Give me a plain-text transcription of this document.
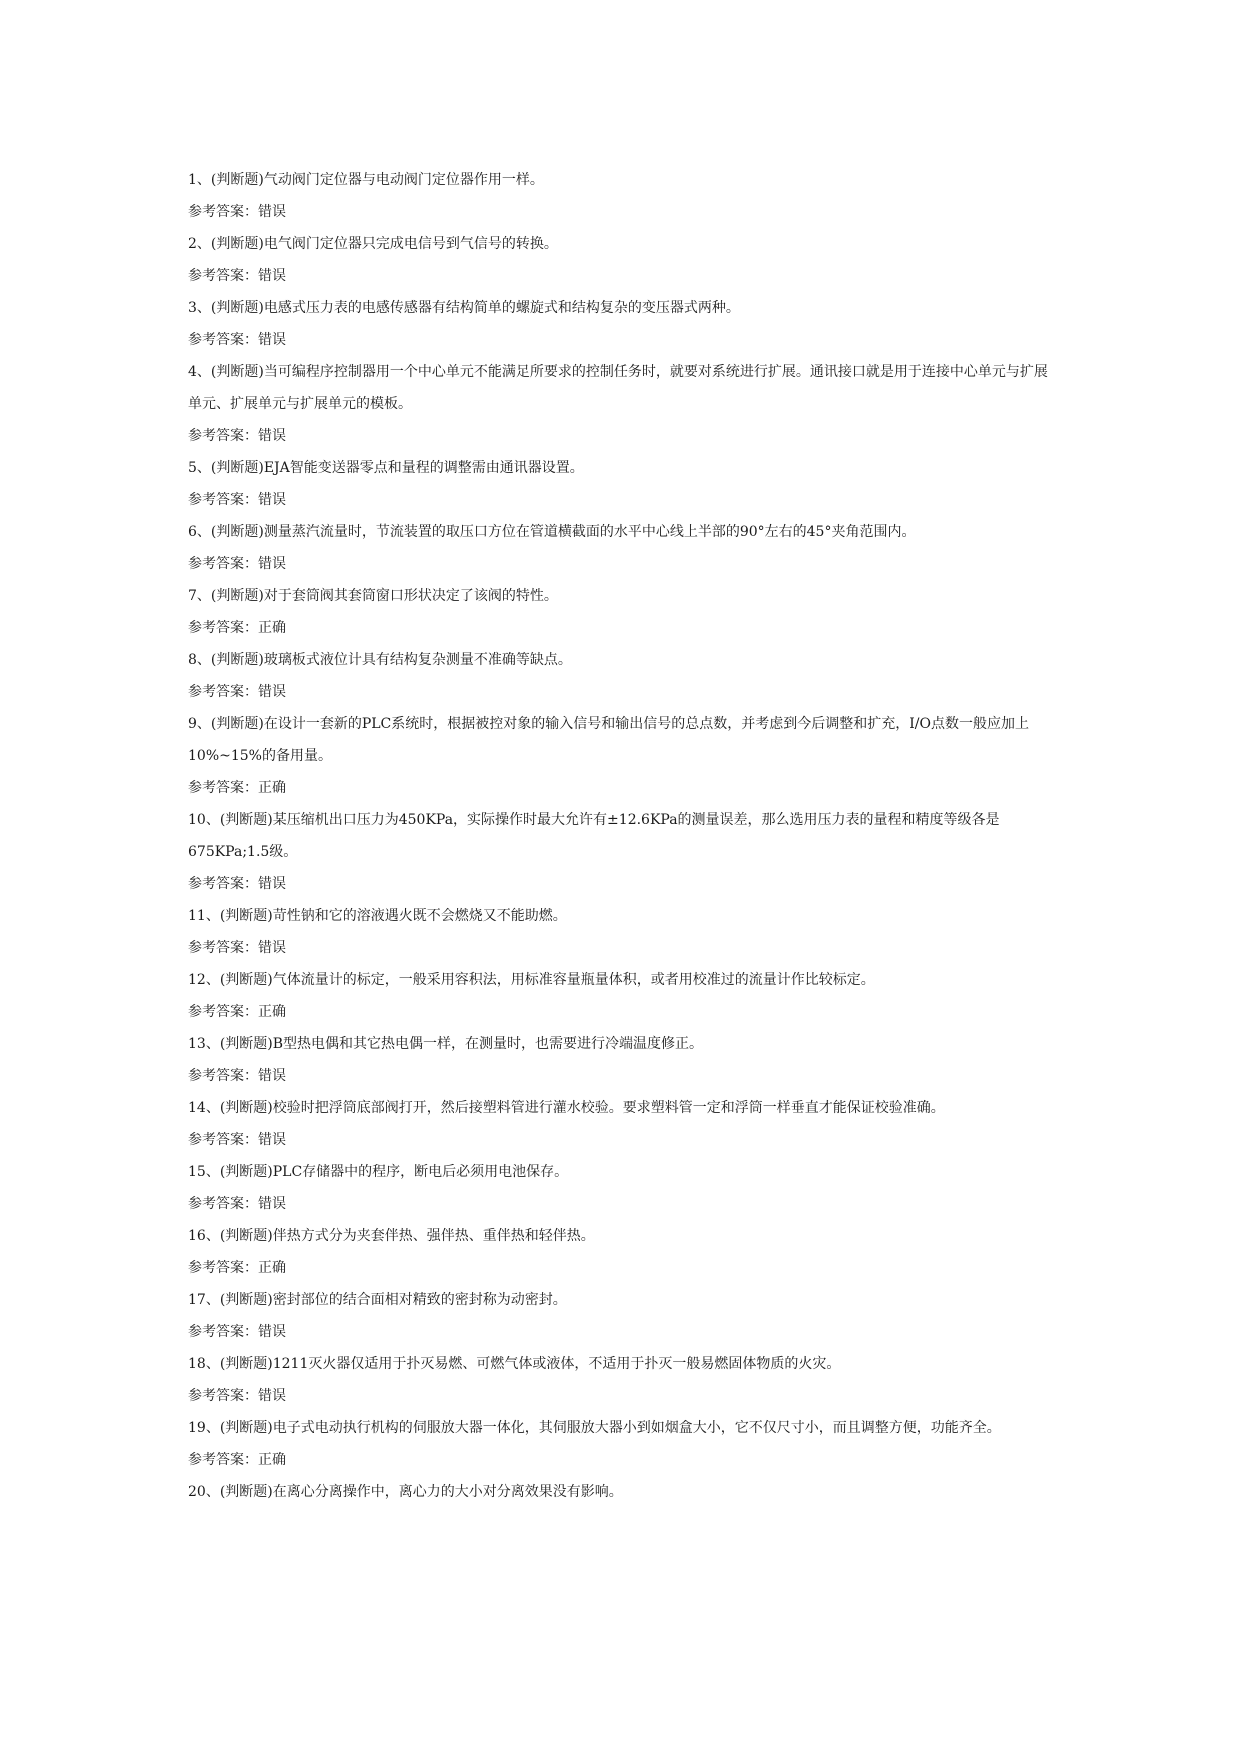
1、(判断题)气动阀门定位器与电动阀门定位器作用一样。

参考答案：错误

2、(判断题)电气阀门定位器只完成电信号到气信号的转换。

参考答案：错误

3、(判断题)电感式压力表的电感传感器有结构简单的螺旋式和结构复杂的变压器式两种。

参考答案：错误

4、(判断题)当可编程序控制器用一个中心单元不能满足所要求的控制任务时，就要对系统进行扩展。通讯接口就是用于连接中心单元与扩展单元、扩展单元与扩展单元的模板。

参考答案：错误

5、(判断题)EJA智能变送器零点和量程的调整需由通讯器设置。

参考答案：错误

6、(判断题)测量蒸汽流量时，节流装置的取压口方位在管道横截面的水平中心线上半部的90°左右的45°夹角范围内。

参考答案：错误

7、(判断题)对于套筒阀其套筒窗口形状决定了该阀的特性。

参考答案：正确

8、(判断题)玻璃板式液位计具有结构复杂测量不准确等缺点。

参考答案：错误

9、(判断题)在设计一套新的PLC系统时，根据被控对象的输入信号和输出信号的总点数，并考虑到今后调整和扩充，I/O点数一般应加上10%~15%的备用量。

参考答案：正确

10、(判断题)某压缩机出口压力为450KPa，实际操作时最大允许有±12.6KPa的测量误差，那么选用压力表的量程和精度等级各是675KPa;1.5级。

参考答案：错误

11、(判断题)苛性钠和它的溶液遇火既不会燃烧又不能助燃。

参考答案：错误

12、(判断题)气体流量计的标定，一般采用容积法，用标准容量瓶量体积，或者用校准过的流量计作比较标定。

参考答案：正确

13、(判断题)B型热电偶和其它热电偶一样，在测量时，也需要进行冷端温度修正。

参考答案：错误

14、(判断题)校验时把浮筒底部阀打开，然后接塑料管进行灌水校验。要求塑料管一定和浮筒一样垂直才能保证校验准确。

参考答案：错误

15、(判断题)PLC存储器中的程序，断电后必须用电池保存。

参考答案：错误

16、(判断题)伴热方式分为夹套伴热、强伴热、重伴热和轻伴热。

参考答案：正确

17、(判断题)密封部位的结合面相对精致的密封称为动密封。

参考答案：错误

18、(判断题)1211灭火器仅适用于扑灭易燃、可燃气体或液体，不适用于扑灭一般易燃固体物质的火灾。

参考答案：错误

19、(判断题)电子式电动执行机构的伺服放大器一体化，其伺服放大器小到如烟盒大小，它不仅尺寸小，而且调整方便，功能齐全。

参考答案：正确

20、(判断题)在离心分离操作中，离心力的大小对分离效果没有影响。
